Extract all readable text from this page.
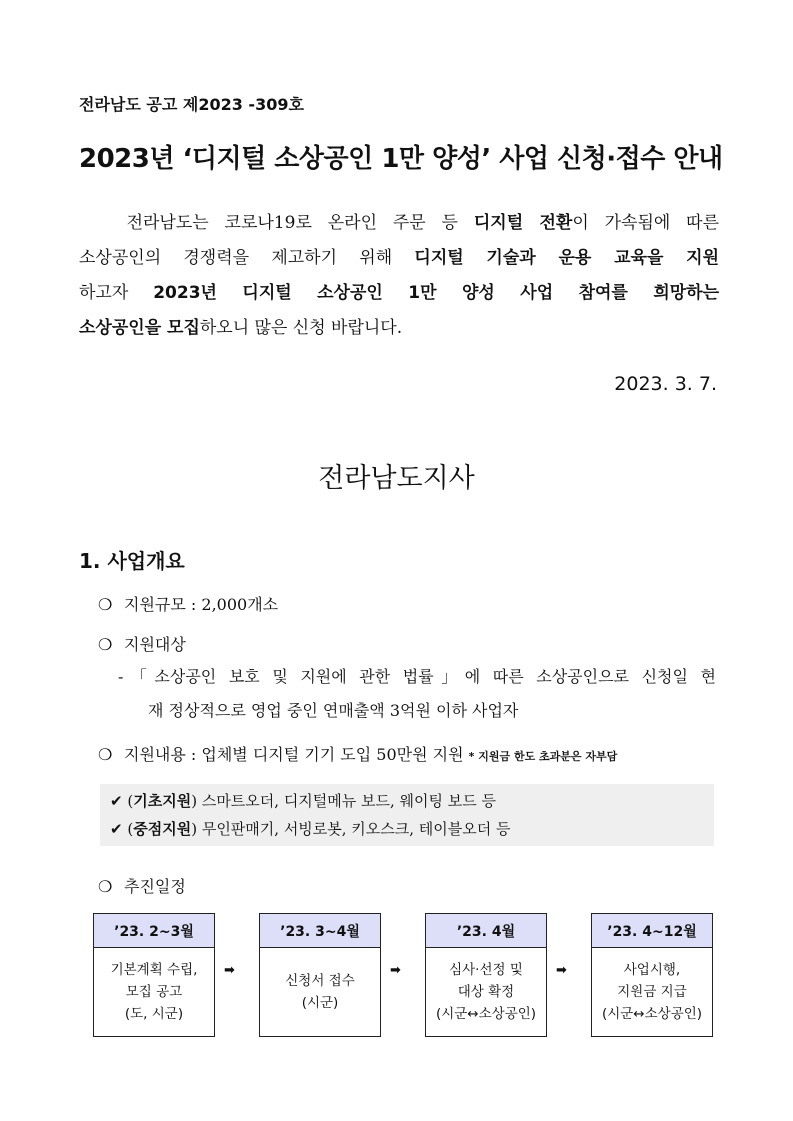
전라남도 공고 제2023 -309호
2023년 ‘디지털 소상공인 1만 양성’ 사업 신청·접수 안내
전라남도는 코로나19로 온라인 주문 등 디지털 전환이 가속됨에 따른
소상공인의 경쟁력을 제고하기 위해 디지털 기술과 운용 교육을 지원
하고자 2023년 디지털 소상공인 1만 양성 사업 참여를 희망하는
소상공인을 모집하오니 많은 신청 바랍니다.
2023. 3. 7.
전라남도지사
1. 사업개요
❍ 지원규모 : 2,000개소
❍ 지원대상
-「소상공인 보호 및 지원에 관한 법률」에 따른 소상공인으로 신청일 현
재 정상적으로 영업 중인 연매출액 3억원 이하 사업자
❍ 지원내용 : 업체별 디지털 기기 도입 50만원 지원 * 지원금 한도 초과분은 자부담
✔ (기초지원) 스마트오더, 디지털메뉴 보드, 웨이팅 보드 등
✔ (중점지원) 무인판매기, 서빙로봇, 키오스크, 테이블오더 등
❍ 추진일정
’23. 2~3월
기본계획 수립,
모집 공고
(도, 시군)
➡
’23. 3~4월
신청서 접수
(시군)
➡
’23. 4월
심사·선정 및
대상 확정
(시군↔소상공인)
➡
’23. 4~12월
사업시행,
지원금 지급
(시군↔소상공인)
